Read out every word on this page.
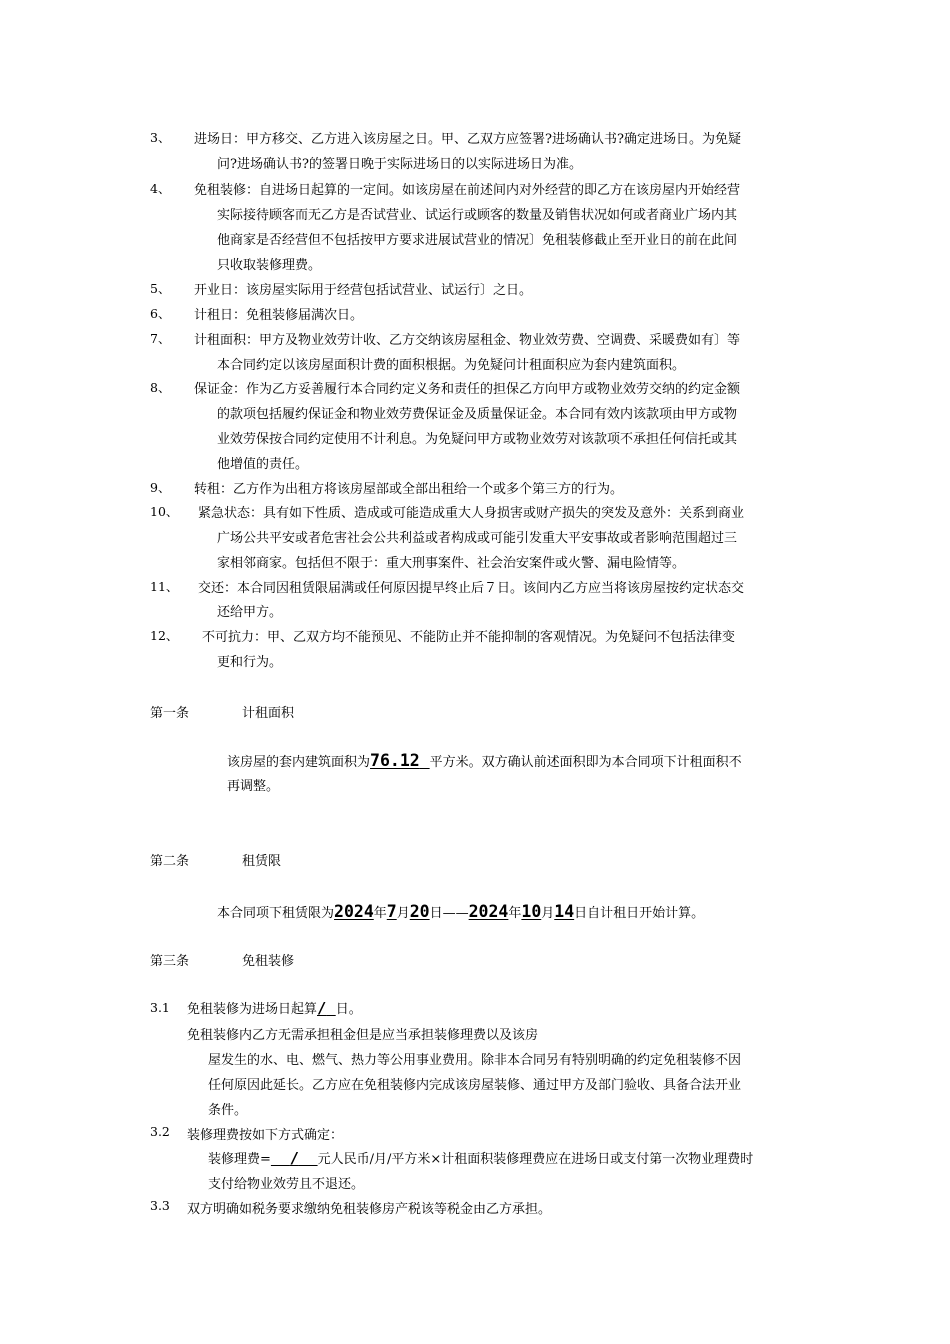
3、 进场日：甲方移交、乙方进入该房屋之日。甲、乙双方应签署?进场确认书?确定进场日。为免疑
问?进场确认书?的签署日晚于实际进场日的以实际进场日为准。
4、 免租装修：自进场日起算的一定间。如该房屋在前述间内对外经营的即乙方在该房屋内开始经营
实际接待顾客而无乙方是否试营业、试运行或顾客的数量及销售状况如何或者商业广场内其
他商家是否经营但不包括按甲方要求进展试营业的情况〕免租装修截止至开业日的前在此间
只收取装修理费。
5、 开业日：该房屋实际用于经营包括试营业、试运行〕之日。
6、 计租日：免租装修届满次日。
7、 计租面积：甲方及物业效劳计收、乙方交纳该房屋租金、物业效劳费、空调费、采暖费如有〕等
本合同约定以该房屋面积计费的面积根据。为免疑问计租面积应为套内建筑面积。
8、 保证金：作为乙方妥善履行本合同约定义务和责任的担保乙方向甲方或物业效劳交纳的约定金额
的款项包括履约保证金和物业效劳费保证金及质量保证金。本合同有效内该款项由甲方或物
业效劳保按合同约定使用不计利息。为免疑问甲方或物业效劳对该款项不承担任何信托或其
他增值的责任。
9、 转租：乙方作为出租方将该房屋部或全部出租给一个或多个第三方的行为。
10、 紧急状态：具有如下性质、造成或可能造成重大人身损害或财产损失的突发及意外：关系到商业
广场公共平安或者危害社会公共利益或者构成或可能引发重大平安事故或者影响范围超过三
家相邻商家。包括但不限于：重大刑事案件、社会治安案件或火警、漏电险情等。
11、 交还：本合同因租赁限届满或任何原因提早终止后７日。该间内乙方应当将该房屋按约定状态交
还给甲方。
12、 不可抗力：甲、乙双方均不能预见、不能防止并不能抑制的客观情况。为免疑问不包括法律变
更和行为。
第一条	计租面积
该房屋的套内建筑面积为76.12 平方米。双方确认前述面积即为本合同项下计租面积不
再调整。
第二条	租赁限
本合同项下租赁限为2024年7月20日——2024年10月14日自计租日开始计算。
第三条	免租装修
3.1 免租装修为进场日起算/ 日。
免租装修内乙方无需承担租金但是应当承担装修理费以及该房
屋发生的水、电、燃气、热力等公用事业费用。除非本合同另有特别明确的约定免租装修不因
任何原因此延长。乙方应在免租装修内完成该房屋装修、通过甲方及部门验收、具备合法开业
条件。
3.2 装修理费按如下方式确定：
装修理费= / 元人民币/月/平方米×计租面积装修理费应在进场日或支付第一次物业理费时
支付给物业效劳且不退还。
3.3 双方明确如税务要求缴纳免租装修房产税该等税金由乙方承担。
